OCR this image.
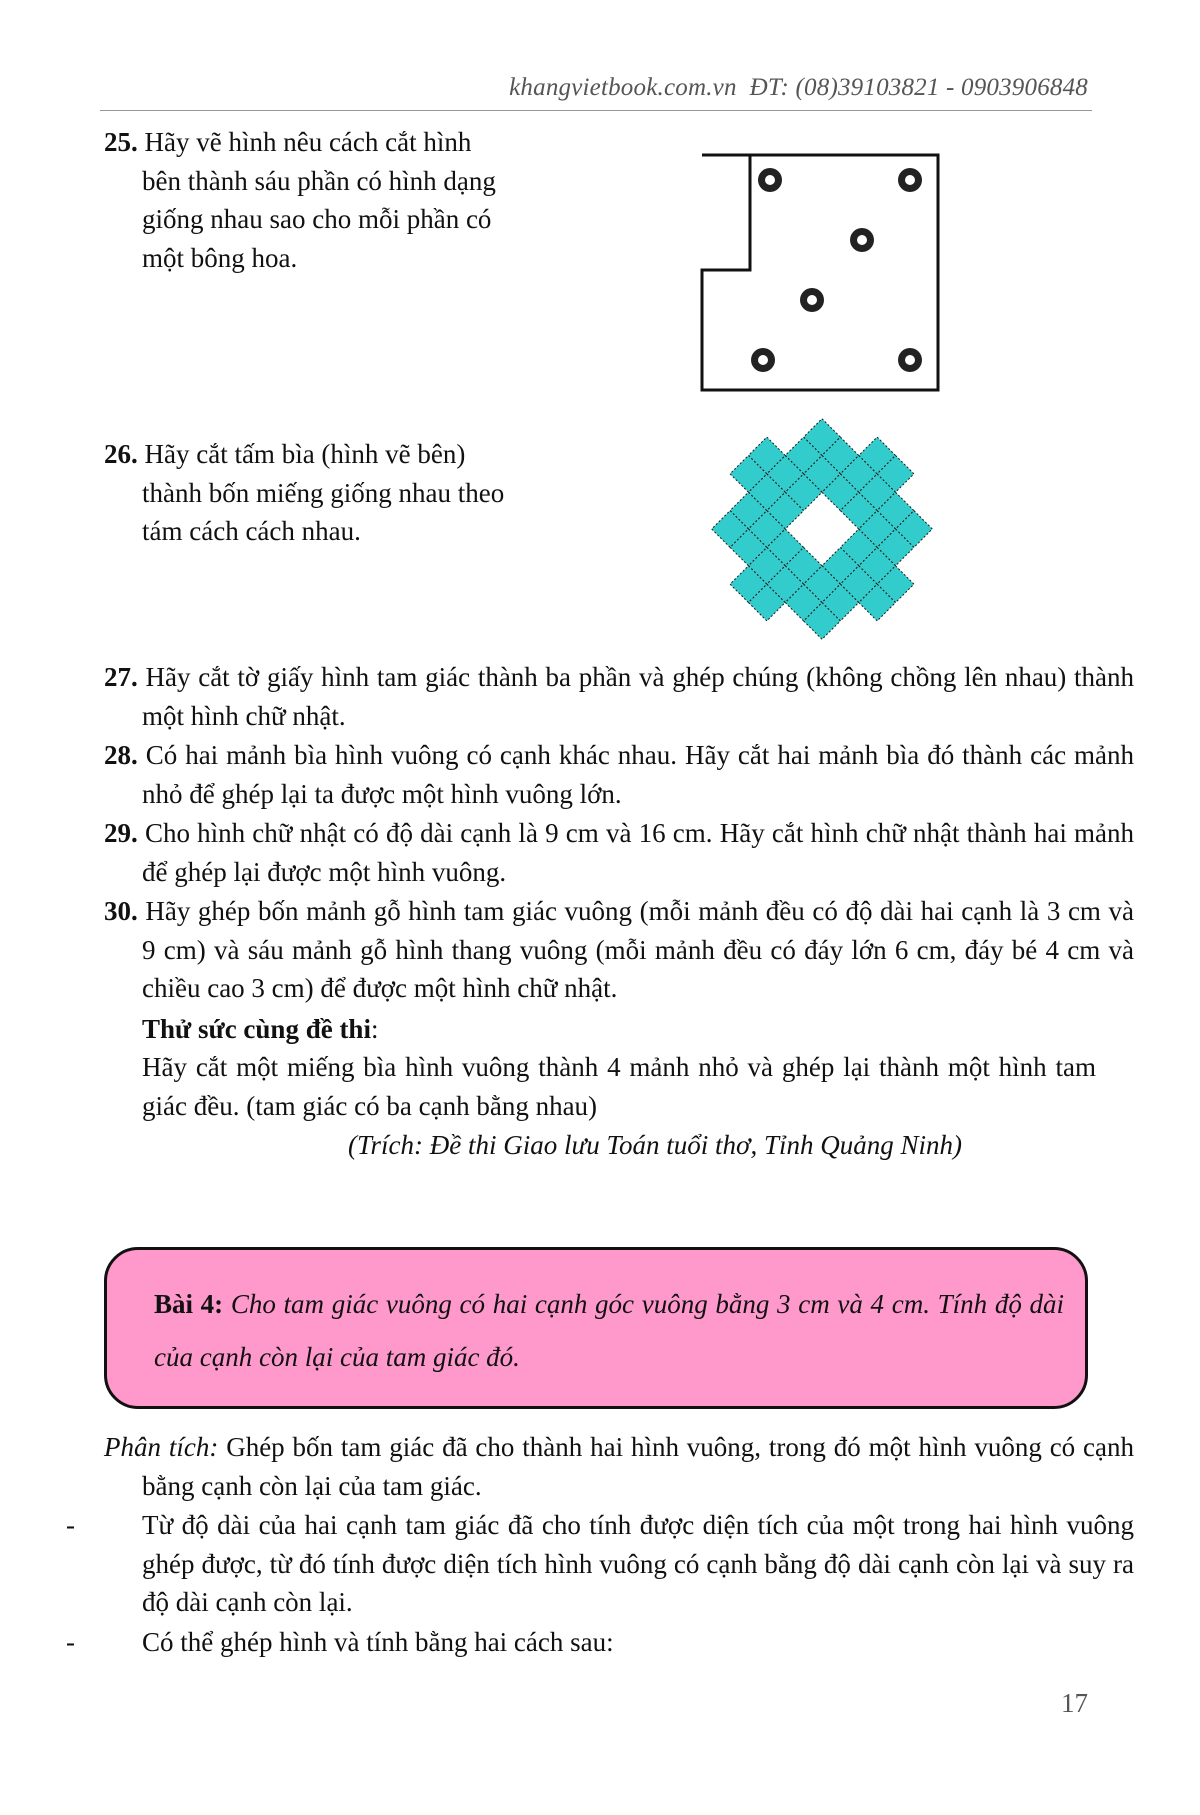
khangvietbook.com.vn ĐT: (08)39103821 - 0903906848
25. Hãy vẽ hình nêu cách cắt hình
bên thành sáu phần có hình dạng
giống nhau sao cho mỗi phần có
một bông hoa.
26. Hãy cắt tấm bìa (hình vẽ bên)
thành bốn miếng giống nhau theo
tám cách cách nhau.
27. Hãy cắt tờ giấy hình tam giác thành ba phần và ghép chúng (không chồng lên nhau) thành một hình chữ nhật.
28. Có hai mảnh bìa hình vuông có cạnh khác nhau. Hãy cắt hai mảnh bìa đó thành các mảnh nhỏ để ghép lại ta được một hình vuông lớn.
29. Cho hình chữ nhật có độ dài cạnh là 9 cm và 16 cm. Hãy cắt hình chữ nhật thành hai mảnh để ghép lại được một hình vuông.
30. Hãy ghép bốn mảnh gỗ hình tam giác vuông (mỗi mảnh đều có độ dài hai cạnh là 3 cm và 9 cm) và sáu mảnh gỗ hình thang vuông (mỗi mảnh đều có đáy lớn 6 cm, đáy bé 4 cm và chiều cao 3 cm) để được một hình chữ nhật.
Thử sức cùng đề thi:
Hãy cắt một miếng bìa hình vuông thành 4 mảnh nhỏ và ghép lại thành một hình tam giác đều. (tam giác có ba cạnh bằng nhau)
(Trích: Đề thi Giao lưu Toán tuổi thơ, Tỉnh Quảng Ninh)

Bài 4: Cho tam giác vuông có hai cạnh góc vuông bằng 3 cm và 4 cm. Tính độ dài của cạnh còn lại của tam giác đó.

Phân tích: Ghép bốn tam giác đã cho thành hai hình vuông, trong đó một hình vuông có cạnh bằng cạnh còn lại của tam giác.
- Từ độ dài của hai cạnh tam giác đã cho tính được diện tích của một trong hai hình vuông ghép được, từ đó tính được diện tích hình vuông có cạnh bằng độ dài cạnh còn lại và suy ra độ dài cạnh còn lại.
- Có thể ghép hình và tính bằng hai cách sau:
17
